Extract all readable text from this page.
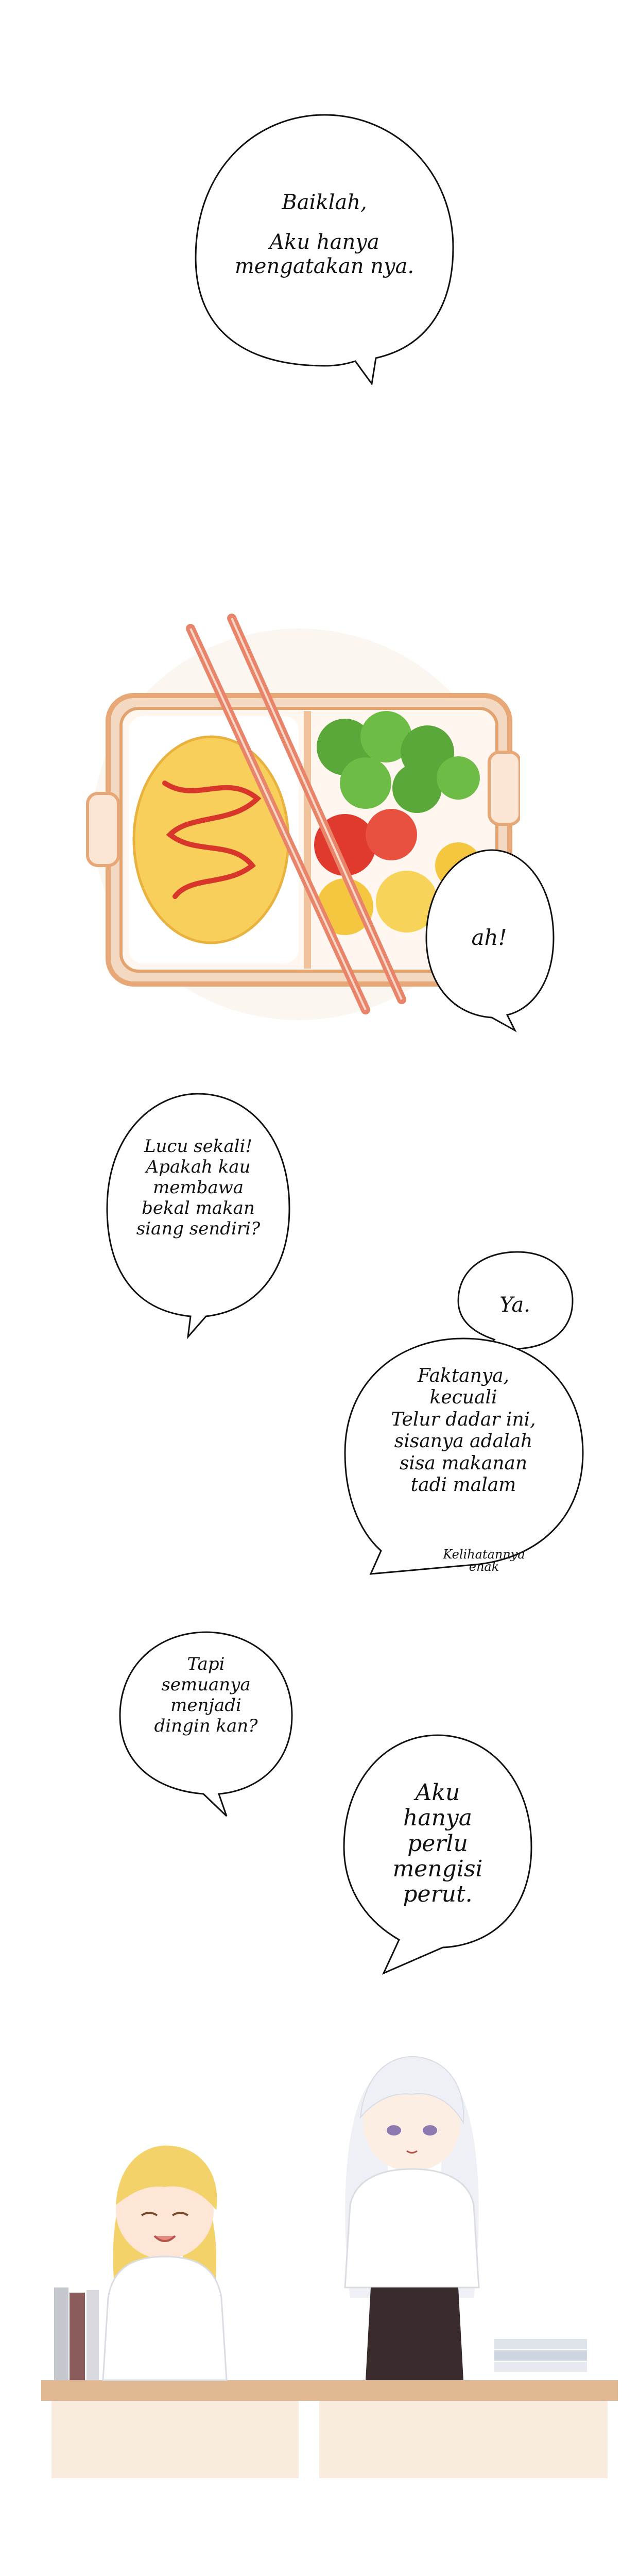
Baiklah,
Aku hanya
mengatakan nya.
ah!
Lucu sekali!
Apakah kau
membawa
bekal makan
siang sendiri?
Ya.
Faktanya,
kecuali
Telur dadar ini,
sisanya adalah
sisa makanan
tadi malam
Kelihatannya
enak
Tapi
semuanya
menjadi
dingin kan?
Aku
hanya
perlu
mengisi
perut.
